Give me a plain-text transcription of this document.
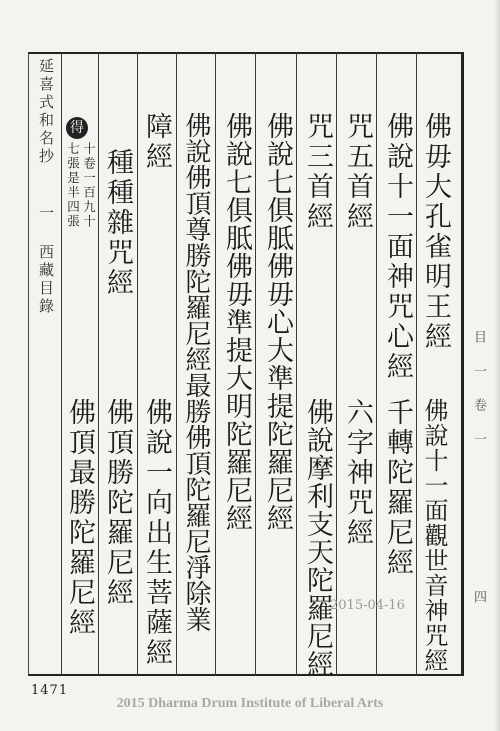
延喜式和名抄
一 西藏目錄	佛毋大孔雀明王經
佛說十一面觀世音神咒經
佛說十一面神咒心經
千轉陀羅尼經
咒五首經
六字神咒經
咒三首經
佛說摩利支天陀羅尼經
佛說七俱胝佛毋心大準提陀羅尼經
佛說七俱胝佛毋準提大明陀羅尼經
佛說佛頂尊勝陀羅尼經最勝佛頂陀羅尼淨除業
障經
佛說一向出生菩薩經
種種雜咒經
佛頂勝陀羅尼經
佛頂最勝陀羅尼經
得
十卷一百九十
七張是半四張
目 一 卷 一
四
1471
2015-04-16
2015 Dharma Drum Institute of Liberal Arts
